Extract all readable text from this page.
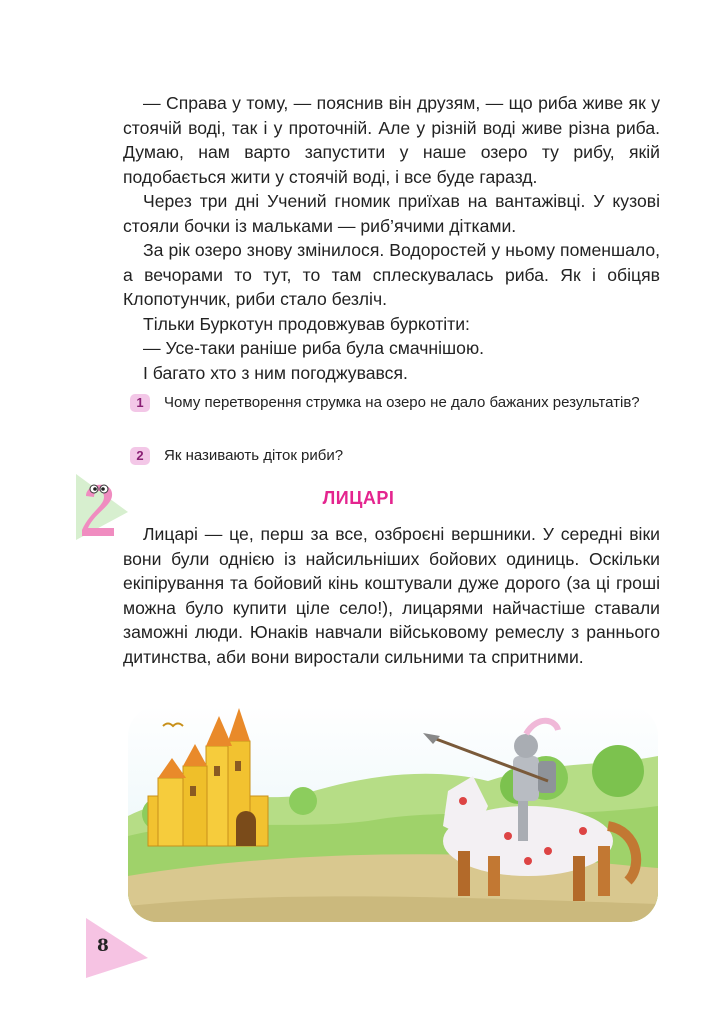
— Справа у тому, — пояснив він друзям, — що риба живе як у стоячій воді, так і у проточній. Але у різній воді живе різна риба. Думаю, нам варто запустити у наше озеро ту рибу, якій подобається жити у стоячій воді, і все буде гаразд.

Через три дні Учений гномик приїхав на вантажівці. У кузові стояли бочки із мальками — риб’ячими дітками.

За рік озеро знову змінилося. Водоростей у ньому поменшало, а вечорами то тут, то там сплескувалась риба. Як і обіцяв Клопотунчик, риби стало безліч.

Тільки Буркотун продовжував буркотіти:

— Усе-таки раніше риба була смачнішою.

І багато хто з ним погоджувався.

1	Чому перетворення струмка на озеро не дало бажаних результатів?
2	Як називають діток риби?
ЛИЦАРІ

Лицарі — це, перш за все, озброєні вершники. У середні віки вони були однією із найсильніших бойових одиниць. Оскільки екіпірування та бойовий кінь коштували дуже дорого (за ці гроші можна було купити ціле село!), лицарями найчастіше ставали заможні люди. Юнаків навчали військовому ремеслу з раннього дитинства, аби вони виростали сильними та спритними.

8
